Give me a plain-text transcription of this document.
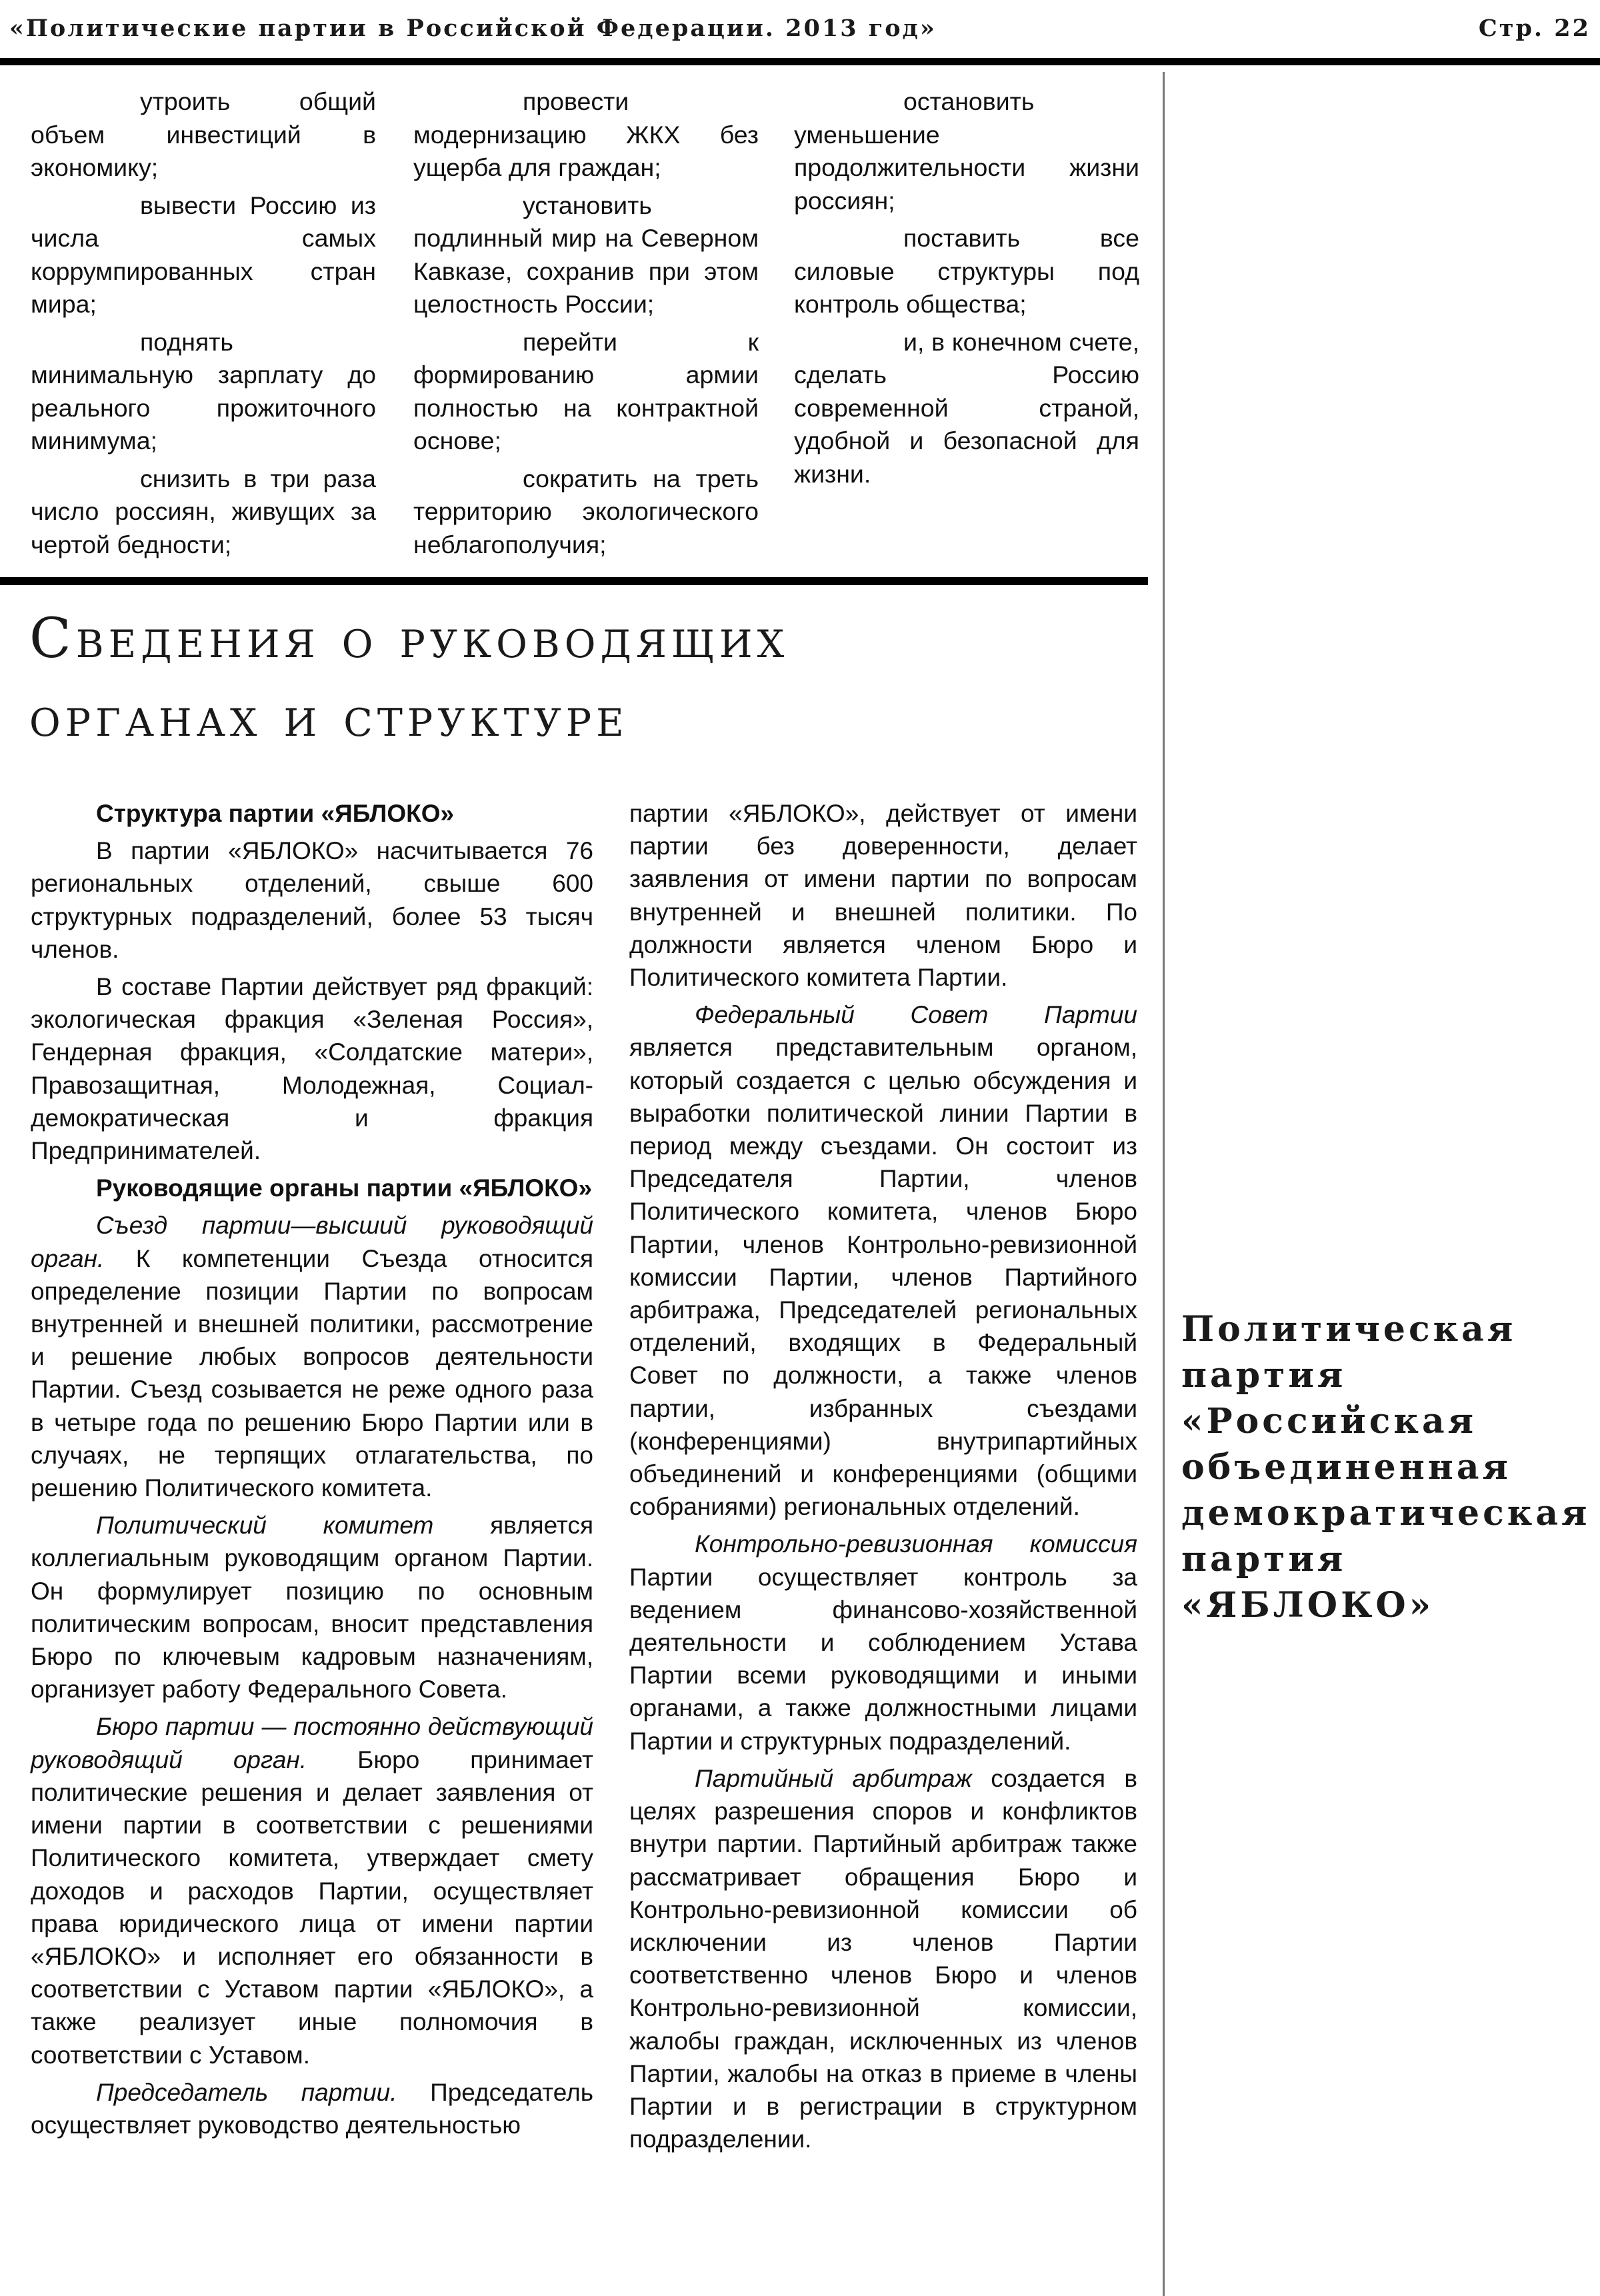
«Политические партии в Российской Федерации. 2013 год»	Стр. 22

утроить общий объем инвестиций в экономику;

вывести Россию из числа самых коррумпированных стран мира;

поднять минимальную зарплату до реального прожиточного минимума;

снизить в три раза число россиян, живущих за чертой бедности;

провести модернизацию ЖКХ без ущерба для граждан;

установить подлинный мир на Северном Кавказе, сохранив при этом целостность России;

перейти к формированию армии полностью на контрактной основе;

сократить на треть территорию экологического неблагополучия;

остановить уменьшение продолжительности жизни россиян;

поставить все силовые структуры под контроль общества;

и, в конечном счете, сделать Россию современной страной, удобной и безопасной для жизни.

Сведения о руководящих
органах и структуре
Структура партии «ЯБЛОКО»

В партии «ЯБЛОКО» насчитывается 76 региональных отделений, свыше 600 структурных подразделений, более 53 тысяч членов.

В составе Партии действует ряд фракций: экологическая фракция «Зеленая Россия», Гендерная фракция, «Солдатские матери», Правозащитная, Молодежная, Социал-демократическая и фракция Предпринимателей.

Руководящие органы партии «ЯБЛОКО»

Съезд партии—высший руководящий орган. К компетенции Съезда относится определение позиции Партии по вопросам внутренней и внешней политики, рассмотрение и решение любых вопросов деятельности Партии. Съезд созывается не реже одного раза в четыре года по решению Бюро Партии или в случаях, не терпящих отлагательства, по решению Политического комитета.

Политический комитет является коллегиальным руководящим органом Партии. Он формулирует позицию по основным политическим вопросам, вносит представления Бюро по ключевым кадровым назначениям, организует работу Федерального Совета.

Бюро партии — постоянно действующий руководящий орган. Бюро принимает политические решения и делает заявления от имени партии в соответствии с решениями Политического комитета, утверждает смету доходов и расходов Партии, осуществляет права юридического лица от имени партии «ЯБЛОКО» и исполняет его обязанности в соответствии с Уставом партии «ЯБЛОКО», а также реализует иные полномочия в соответствии с Уставом.

Председатель партии. Председатель осуществляет руководство деятельностью

партии «ЯБЛОКО», действует от имени партии без доверенности, делает заявления от имени партии по вопросам внутренней и внешней политики. По должности является членом Бюро и Политического комитета Партии.

Федеральный Совет Партии является представительным органом, который создается с целью обсуждения и выработки политической линии Партии в период между съездами. Он состоит из Председателя Партии, членов Политического комитета, членов Бюро Партии, членов Контрольно-ревизионной комиссии Партии, членов Партийного арбитража, Председателей региональных отделений, входящих в Федеральный Совет по должности, а также членов партии, избранных съездами (конференциями) внутрипартийных объединений и конференциями (общими собраниями) региональных отделений.

Контрольно-ревизионная комиссия Партии осуществляет контроль за ведением финансово-хозяйственной деятельности и соблюдением Устава Партии всеми руководящими и иными органами, а также должностными лицами Партии и структурных подразделений.

Партийный арбитраж создается в целях разрешения споров и конфликтов внутри партии. Партийный арбитраж также рассматривает обращения Бюро и Контрольно-ревизионной комиссии об исключении из членов Партии соответственно членов Бюро и членов Контрольно-ревизионной комиссии, жалобы граждан, исключенных из членов Партии, жалобы на отказ в приеме в члены Партии и в регистрации в структурном подразделении.

Политическая
партия
«Российская
объединенная
демократическая
партия
«ЯБЛОКО»
